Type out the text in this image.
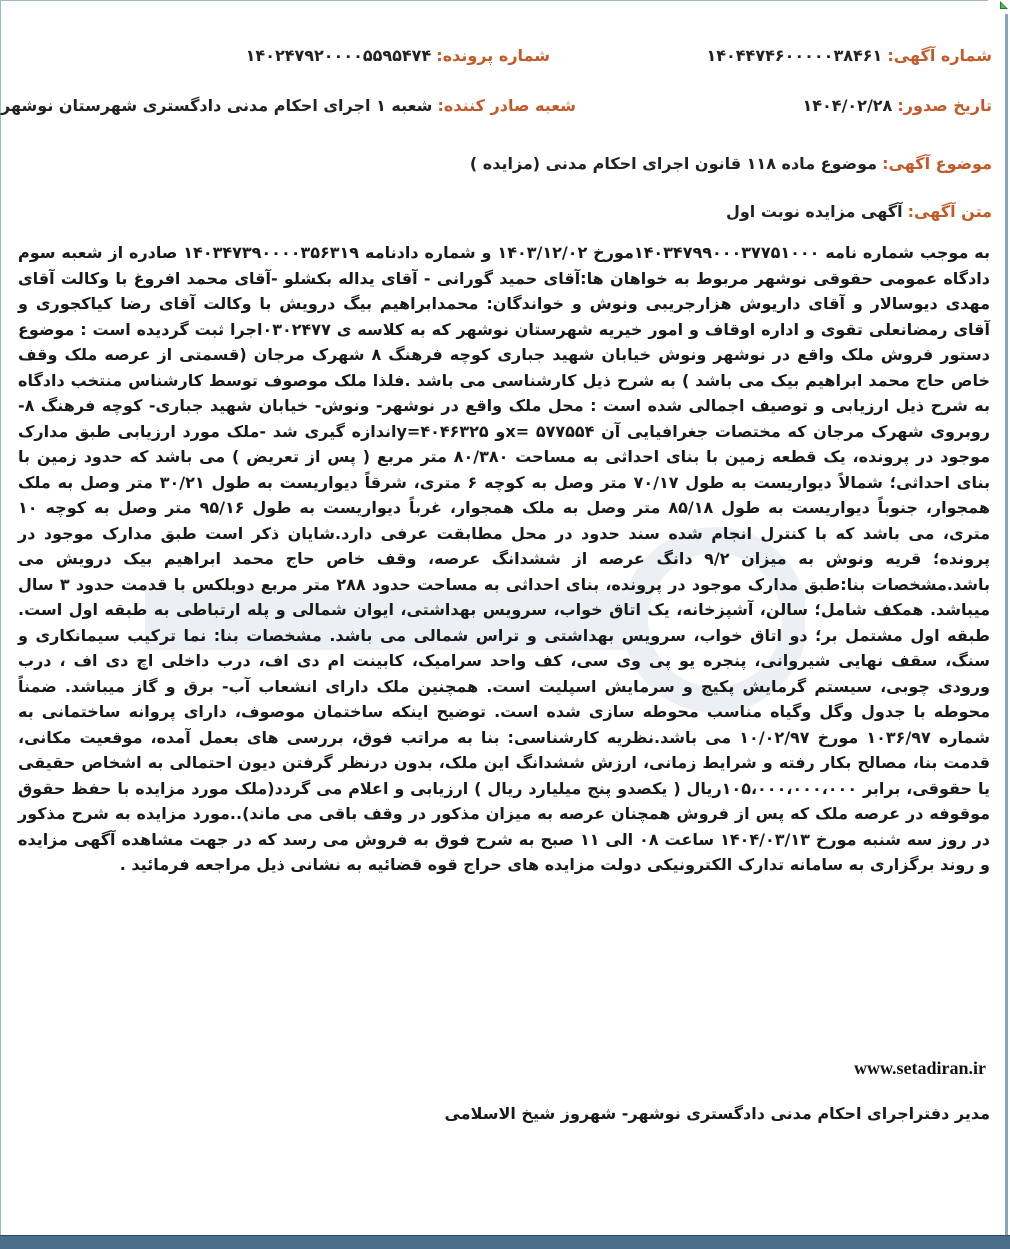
شماره آگهی: ۱۴۰۴۴۷۴۶۰۰۰۰۰۳۸۴۶۱
شماره پرونده: ۱۴۰۲۴۷۹۲۰۰۰۰۵۵۹۵۴۷۴
تاریخ صدور: ۱۴۰۴/۰۲/۲۸
شعبه صادر کننده: شعبه ۱ اجرای احکام مدنی دادگستری شهرستان نوشهر
موضوع آگهی: موضوع ماده ۱۱۸ قانون اجرای احکام مدنی (مزایده )
متن آگهی: آگهی مزایده نوبت اول
به موجب شماره نامه ۱۴۰۳۴۷۹۹۰۰۰۳۷۷۵۱۰۰۰مورخ ۱۴۰۳/۱۲/۰۲ و شماره دادنامه ۱۴۰۳۴۷۳۹۰۰۰۰۳۵۶۳۱۹ صادره از شعبه سوم دادگاه عمومی حقوقی نوشهر مربوط به خواهان ها:آقای حمید گورانی - آقای یداله بکشلو -آقای محمد افروغ با وکالت آقای مهدی دیوسالار و آقای داریوش هزارجریبی ونوش و خواندگان: محمدابراهیم بیگ درویش با وکالت آقای رضا کیاکجوری و آقای رمضانعلی تقوی و اداره اوقاف و امور خیریه شهرستان نوشهر که به کلاسه ی ۰۳۰۲۴۷۷اجرا ثبت گردیده است : موضوع دستور فروش ملک واقع در نوشهر ونوش خیابان شهید جباری کوچه فرهنگ ۸ شهرک مرجان (قسمتی از عرصه ملک وقف خاص حاج محمد ابراهیم بیک می باشد ) به شرح ذیل کارشناسی می باشد .فلذا ملک موصوف توسط کارشناس منتخب دادگاه به شرح ذیل ارزیابی و توصیف اجمالی شده است : محل ملک واقع در نوشهر- ونوش- خیابان شهید جباری- کوچه فرهنگ ۸- روبروی شهرک مرجان که مختصات جغرافیایی آن x= ۵۷۷۵۵۴و y=۴۰۴۶۳۲۵اندازه گیری شد -ملک مورد ارزیابی طبق مدارک موجود در پرونده، یک قطعه زمین با بنای احداثی به مساحت ۸۰/۳۸۰ متر مربع ( پس از تعریض ) می باشد که حدود زمین با بنای احداثی؛ شمالاً دیواریست به طول ۷۰/۱۷ متر وصل به کوچه ۶ متری، شرقاً دیواریست به طول ۳۰/۲۱ متر وصل به ملک همجوار، جنوباً دیواریست به طول ۸۵/۱۸ متر وصل به ملک همجوار، غرباً دیواریست به طول ۹۵/۱۶ متر وصل به کوچه ۱۰ متری، می باشد که با کنترل انجام شده سند حدود در محل مطابقت عرفی دارد.شایان ذکر است طبق مدارک موجود در پرونده؛ قریه ونوش به میزان ۹/۲ دانگ عرصه از ششدانگ عرصه، وقف خاص حاج محمد ابراهیم بیک درویش می باشد.مشخصات بنا:طبق مدارک موجود در پرونده، بنای احداثی به مساحت حدود ۲۸۸ متر مربع دوبلکس با قدمت حدود ۳ سال میباشد. همکف شامل؛ سالن، آشپزخانه، یک اتاق خواب، سرویس بهداشتی، ایوان شمالی و پله ارتباطی به طبقه اول است. طبقه اول مشتمل بر؛ دو اتاق خواب، سرویس بهداشتی و تراس شمالی می باشد. مشخصات بنا: نما ترکیب سیمانکاری و سنگ، سقف نهایی شیروانی، پنجره یو پی وی سی، کف واحد سرامیک، کابینت ام دی اف، درب داخلی اچ دی اف ، درب ورودی چوبی، سیستم گرمایش پکیج و سرمایش اسپلیت است. همچنین ملک دارای انشعاب آب- برق و گاز میباشد. ضمناً محوطه با جدول وگل وگیاه مناسب محوطه سازی شده است. توضیح اینکه ساختمان موصوف، دارای پروانه ساختمانی به شماره ۱۰۳۶/۹۷ مورخ ۱۰/۰۲/۹۷ می باشد.نظریه کارشناسی: بنا به مراتب فوق، بررسی های بعمل آمده، موقعیت مکانی، قدمت بنا، مصالح بکار رفته و شرایط زمانی، ارزش ششدانگ این ملک، بدون درنظر گرفتن دیون احتمالی به اشخاص حقیقی یا حقوقی، برابر ۱۰۵،۰۰۰،۰۰۰،۰۰۰ریال ( یکصدو پنج میلیارد ریال ) ارزیابی و اعلام می گردد(ملک مورد مزایده با حفظ حقوق موقوفه در عرصه ملک که پس از فروش همچنان عرصه به میزان مذکور در وقف باقی می ماند)..مورد مزایده به شرح مذکور در روز سه شنبه مورخ ۱۴۰۴/۰۳/۱۳ ساعت ۰۸ الی ۱۱ صبح به شرح فوق به فروش می رسد که در جهت مشاهده آگهی مزایده و روند برگزاری به سامانه تدارک الکترونیکی دولت مزایده های حراج قوه قضائیه به نشانی ذیل مراجعه فرمائید .
www.setadiran.ir
مدیر دفتراجرای احکام مدنی دادگستری نوشهر- شهروز شیخ الاسلامی
